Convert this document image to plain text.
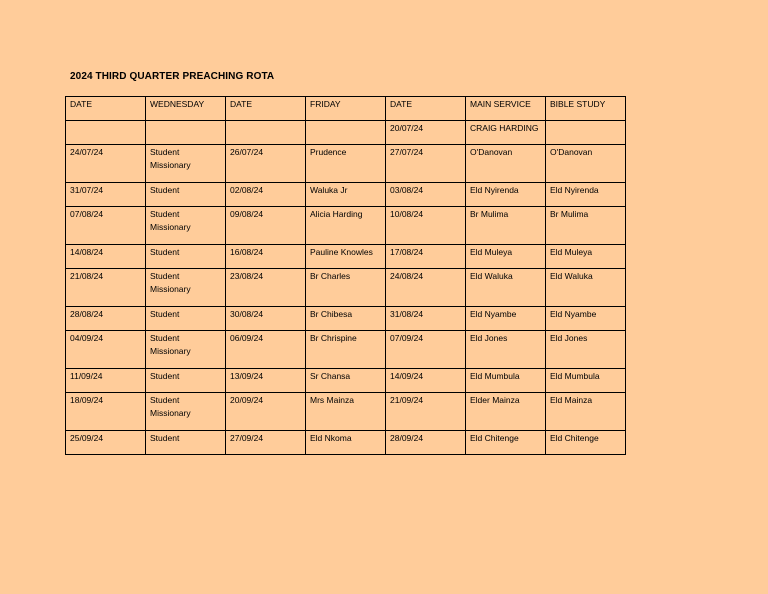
2024 THIRD QUARTER PREACHING ROTA
DATE	WEDNESDAY	DATE	FRIDAY	DATE	MAIN SERVICE	BIBLE STUDY
				20/07/24	CRAIG HARDING	
24/07/24	Student Missionary	26/07/24	Prudence	27/07/24	O'Danovan	O'Danovan
31/07/24	Student	02/08/24	Waluka Jr	03/08/24	Eld Nyirenda	Eld Nyirenda
07/08/24	Student Missionary	09/08/24	Alicia Harding	10/08/24	Br Mulima	Br Mulima
14/08/24	Student	16/08/24	Pauline Knowles	17/08/24	Eld Muleya	Eld Muleya
21/08/24	Student Missionary	23/08/24	Br Charles	24/08/24	Eld Waluka	Eld Waluka
28/08/24	Student	30/08/24	Br Chibesa	31/08/24	Eld Nyambe	Eld Nyambe
04/09/24	Student Missionary	06/09/24	Br Chrispine	07/09/24	Eld Jones	Eld Jones
11/09/24	Student	13/09/24	Sr Chansa	14/09/24	Eld Mumbula	Eld Mumbula
18/09/24	Student Missionary	20/09/24	Mrs Mainza	21/09/24	Elder Mainza	Eld Mainza
25/09/24	Student	27/09/24	Eld Nkoma	28/09/24	Eld Chitenge	Eld Chitenge
